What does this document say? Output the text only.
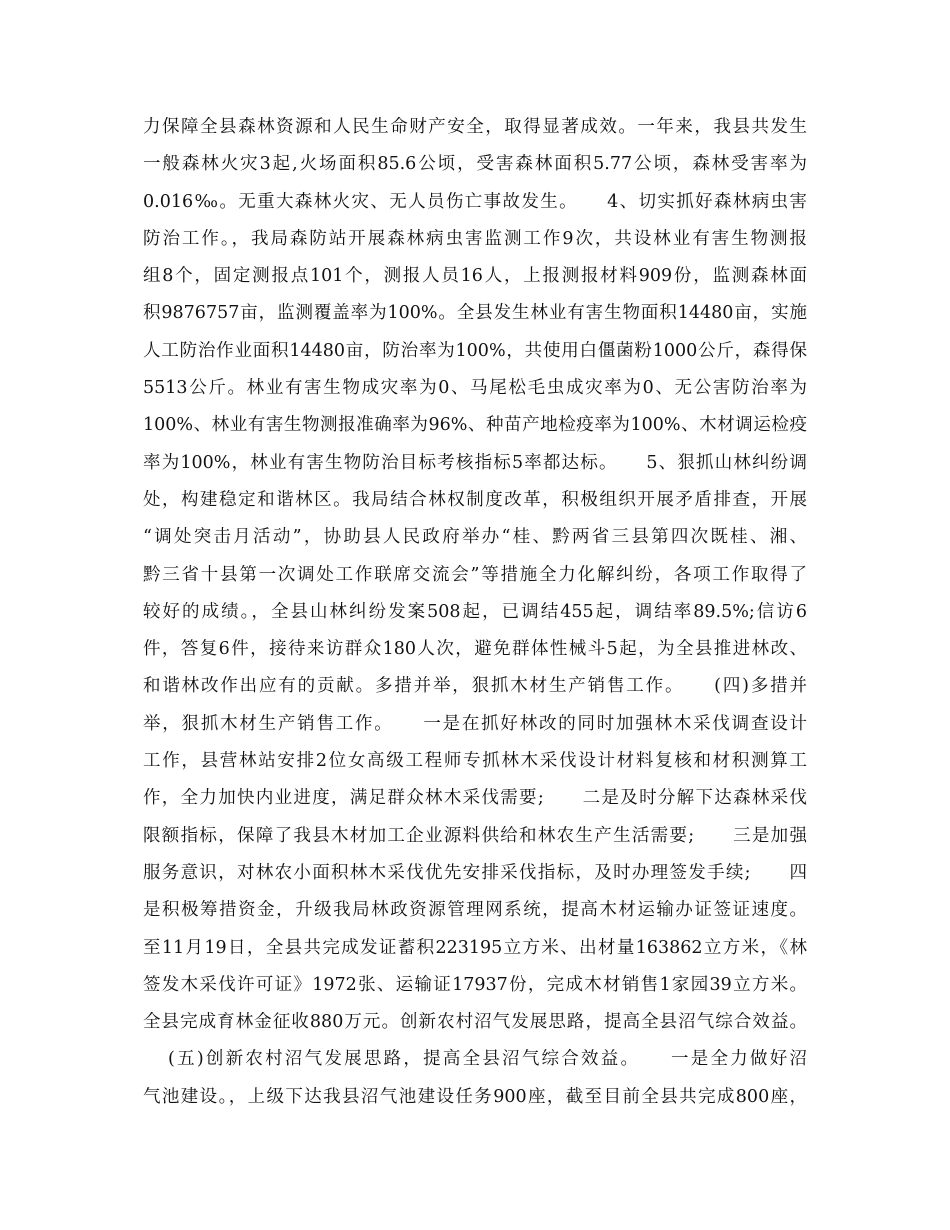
力保障全县森林资源和人民生命财产安全，取得显著成效。一年来，我县共发生
一般森林火灾3起,火场面积85.6公顷，受害森林面积5.77公顷，森林受害率为
0.016‰。无重大森林火灾、无人员伤亡事故发生。　　4、切实抓好森林病虫害
防治工作。，我局森防站开展森林病虫害监测工作9次，共设林业有害生物测报
组8个，固定测报点101个，测报人员16人，上报测报材料909份，监测森林面
积9876757亩，监测覆盖率为100%。全县发生林业有害生物面积14480亩，实施
人工防治作业面积14480亩，防治率为100%，共使用白僵菌粉1000公斤，森得保
5513公斤。林业有害生物成灾率为0、马尾松毛虫成灾率为0、无公害防治率为
100%、林业有害生物测报准确率为96%、种苗产地检疫率为100%、木材调运检疫
率为100%，林业有害生物防治目标考核指标5率都达标。　　5、狠抓山林纠纷调
处，构建稳定和谐林区。我局结合林权制度改革，积极组织开展矛盾排查，开展
“调处突击月活动”，协助县人民政府举办“桂、黔两省三县第四次既桂、湘、
黔三省十县第一次调处工作联席交流会”等措施全力化解纠纷，各项工作取得了
较好的成绩。，全县山林纠纷发案508起，已调结455起，调结率89.5%;信访6
件，答复6件，接待来访群众180人次，避免群体性械斗5起，为全县推进林改、
和谐林改作出应有的贡献。多措并举，狠抓木材生产销售工作。　　(四)多措并
举，狠抓木材生产销售工作。　　一是在抓好林改的同时加强林木采伐调查设计
工作，县营林站安排2位女高级工程师专抓林木采伐设计材料复核和材积测算工
作，全力加快内业进度，满足群众林木采伐需要;　　二是及时分解下达森林采伐
限额指标，保障了我县木材加工企业源料供给和林农生产生活需要;　　三是加强
服务意识，对林农小面积林木采伐优先安排采伐指标，及时办理签发手续;　　四
是积极筹措资金，升级我局林政资源管理网系统，提高木材运输办证签证速度。
至11月19日，全县共完成发证蓄积223195立方米、出材量163862立方米，《林
签发木采伐许可证》1972张、运输证17937份，完成木材销售1家园39立方米。
全县完成育林金征收880万元。创新农村沼气发展思路，提高全县沼气综合效益。
(五)创新农村沼气发展思路，提高全县沼气综合效益。　　一是全力做好沼
气池建设。，上级下达我县沼气池建设任务900座，截至目前全县共完成800座，
